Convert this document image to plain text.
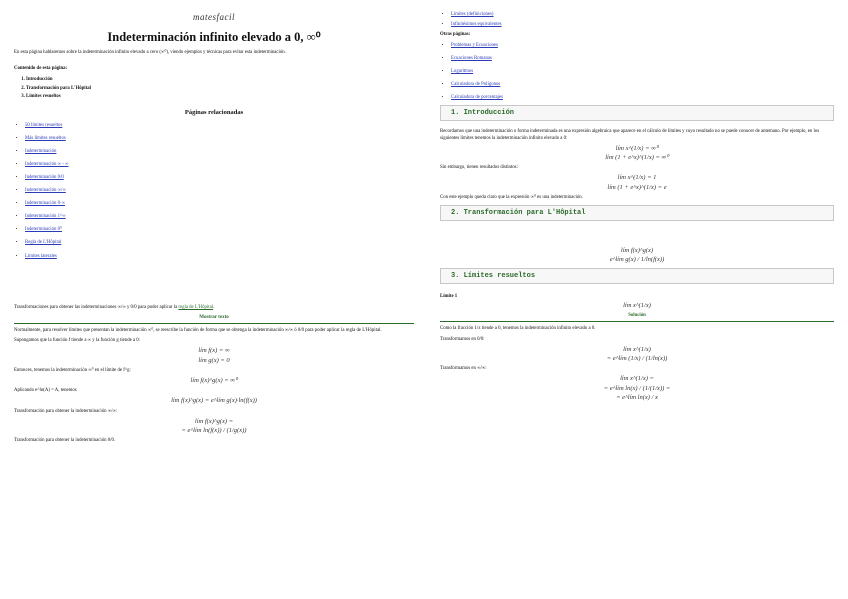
matesfacil
Indeterminación infinito elevado a 0, ∞⁰
En esta página hablaremos sobre la indeterminación infinito elevado a cero (∞⁰), viendo ejemplos y técnicas para evitar esta indeterminación.
Contenido de esta página:
1. Introducción
2. Transformación para L'Hôpital
3. Límites resueltos
Páginas relacionadas
• 50 límites resueltos
• Más límites resueltos
• Indeterminación
• Indeterminación ∞ - ∞
• Indeterminación 0/0
• Indeterminación ∞/∞
• Indeterminación 0·∞
• Indeterminación 1^∞
• Indeterminación 0⁰
• Regla de L'Hôpital
• Límites laterales

Transformaciones para obtener las indeterminaciones ∞/∞ y 0/0 para poder aplicar la regla de L'Hôpital.

Mostrar texto

Normalmente, para resolver límites que presentan la indeterminación ∞⁰, se reescribe la función de forma que se obtenga la indeterminación ∞/∞ ó 0/0 para poder aplicar la regla de L'Hôpital.

Supongamos que la función f tiende a ∞ y la función g tiende a 0:

lím f(x) = ∞
lím g(x) = 0

Entonces, tenemos la indeterminación ∞⁰ en el límite de f^g:

lím f(x)^g(x) = ∞⁰

Aplicando e^ln(A) = A, tenemos

lím f(x)^g(x) = e^lím g(x)·ln(f(x))

Transformación para obtener la indeterminación ∞/∞:

lím f(x)^g(x) =
= e^lím ln(f(x)) / (1/g(x))

Transformación para obtener la indeterminación 0/0.

• Límites (definiciones)
• Infinitésimos equivalentes
Otras páginas:
• Problemas y Ecuaciones
• Ecuaciones Romanas
• Logaritmos
• Calculadora de Polígonos
• Calculadora de porcentajes
1. Introducción

Recordamos que una indeterminación o forma indeterminada es una expresión algebraica que aparece en el cálculo de límites y cuyo resultado no se puede conocer de antemano. Por ejemplo, en los siguientes límites tenemos la indeterminación infinito elevado a 0:

lím x^(1/x) = ∞⁰
lím (1 + e^x)^(1/x) = ∞⁰

Sin embargo, tienen resultados distintos:

lím x^(1/x) = 1
lím (1 + e^x)^(1/x) = e

Con este ejemplo queda claro que la expresión ∞⁰ es una indeterminación.

2. Transformación para L'Hôpital
lím f(x)^g(x)
e^lím g(x) / 1/ln(f(x))
3. Límites resueltos
Límite 1
lím x^(1/x)
Solución

Como la fracción 1/x tiende a 0, tenemos la indeterminación infinito elevado a 0.

Transformamos en 0/0:

lím x^(1/x)
= e^lím (1/x) / (1/ln(x))

Transformamos en ∞/∞:

lím x^(1/x) =
= e^lím ln(x) / (1/(1/x)) =
= e^lím ln(x) / x
